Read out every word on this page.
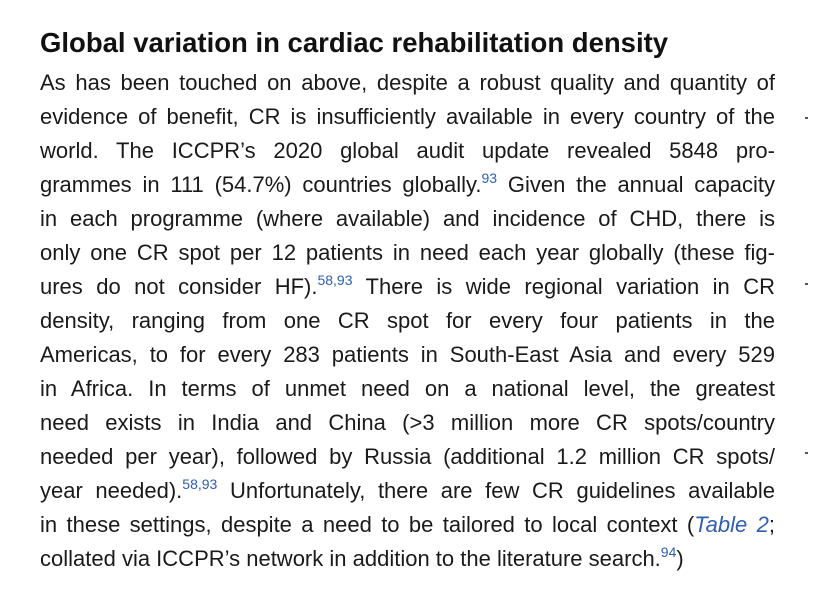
Global variation in cardiac rehabilitation density
As has been touched on above, despite a robust quality and quantity of
evidence of benefit, CR is insufficiently available in every country of the
world. The ICCPR’s 2020 global audit update revealed 5848 pro-
grammes in 111 (54.7%) countries globally.$^{93}$ Given the annual capacity
in each programme (where available) and incidence of CHD, there is
only one CR spot per 12 patients in need each year globally (these fig-
ures do not consider HF).$^{58,93}$ There is wide regional variation in CR
density, ranging from one CR spot for every four patients in the
Americas, to for every 283 patients in South-East Asia and every 529
in Africa. In terms of unmet need on a national level, the greatest
need exists in India and China (>3 million more CR spots/country
needed per year), followed by Russia (additional 1.2 million CR spots/
year needed).$^{58,93}$ Unfortunately, there are few CR guidelines available
in these settings, despite a need to be tailored to local context (Table 2;
collated via ICCPR’s network in addition to the literature search.$^{94}$)
